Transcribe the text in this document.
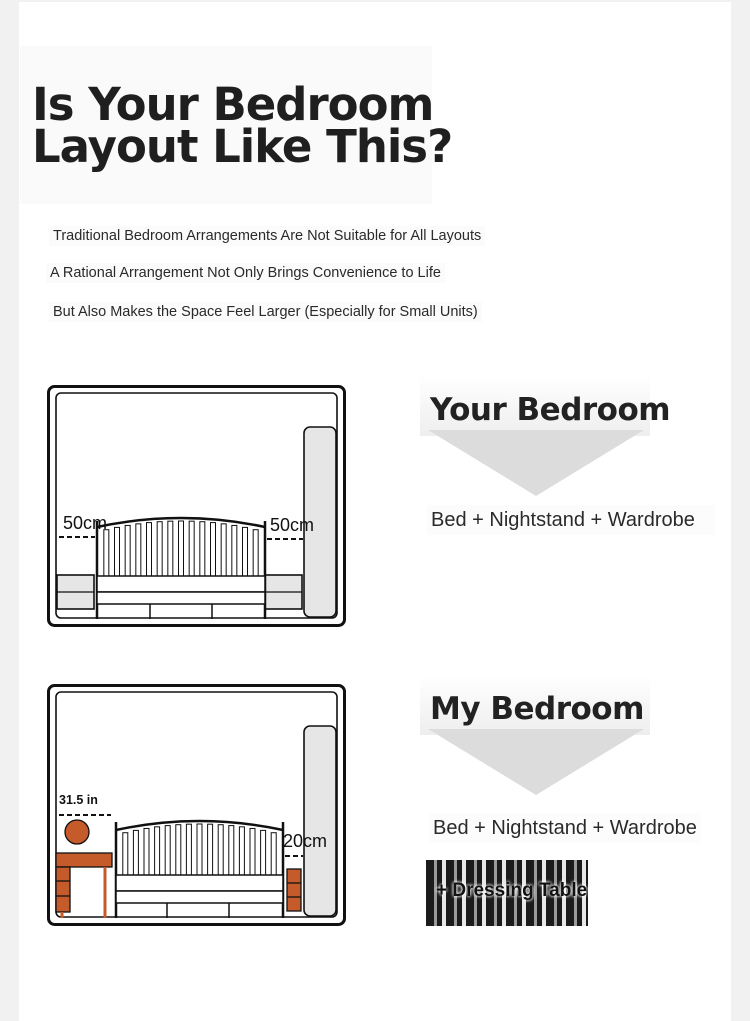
Is Your Bedroom
Layout Like This?
Traditional Bedroom Arrangements Are Not Suitable for All Layouts
A Rational Arrangement Not Only Brings Convenience to Life
But Also Makes the Space Feel Larger (Especially for Small Units)
50cm	50cm
31.5 in
20cm
Your Bedroom
Bed + Nightstand + Wardrobe
My Bedroom
Bed + Nightstand + Wardrobe
+ Dressing Table
